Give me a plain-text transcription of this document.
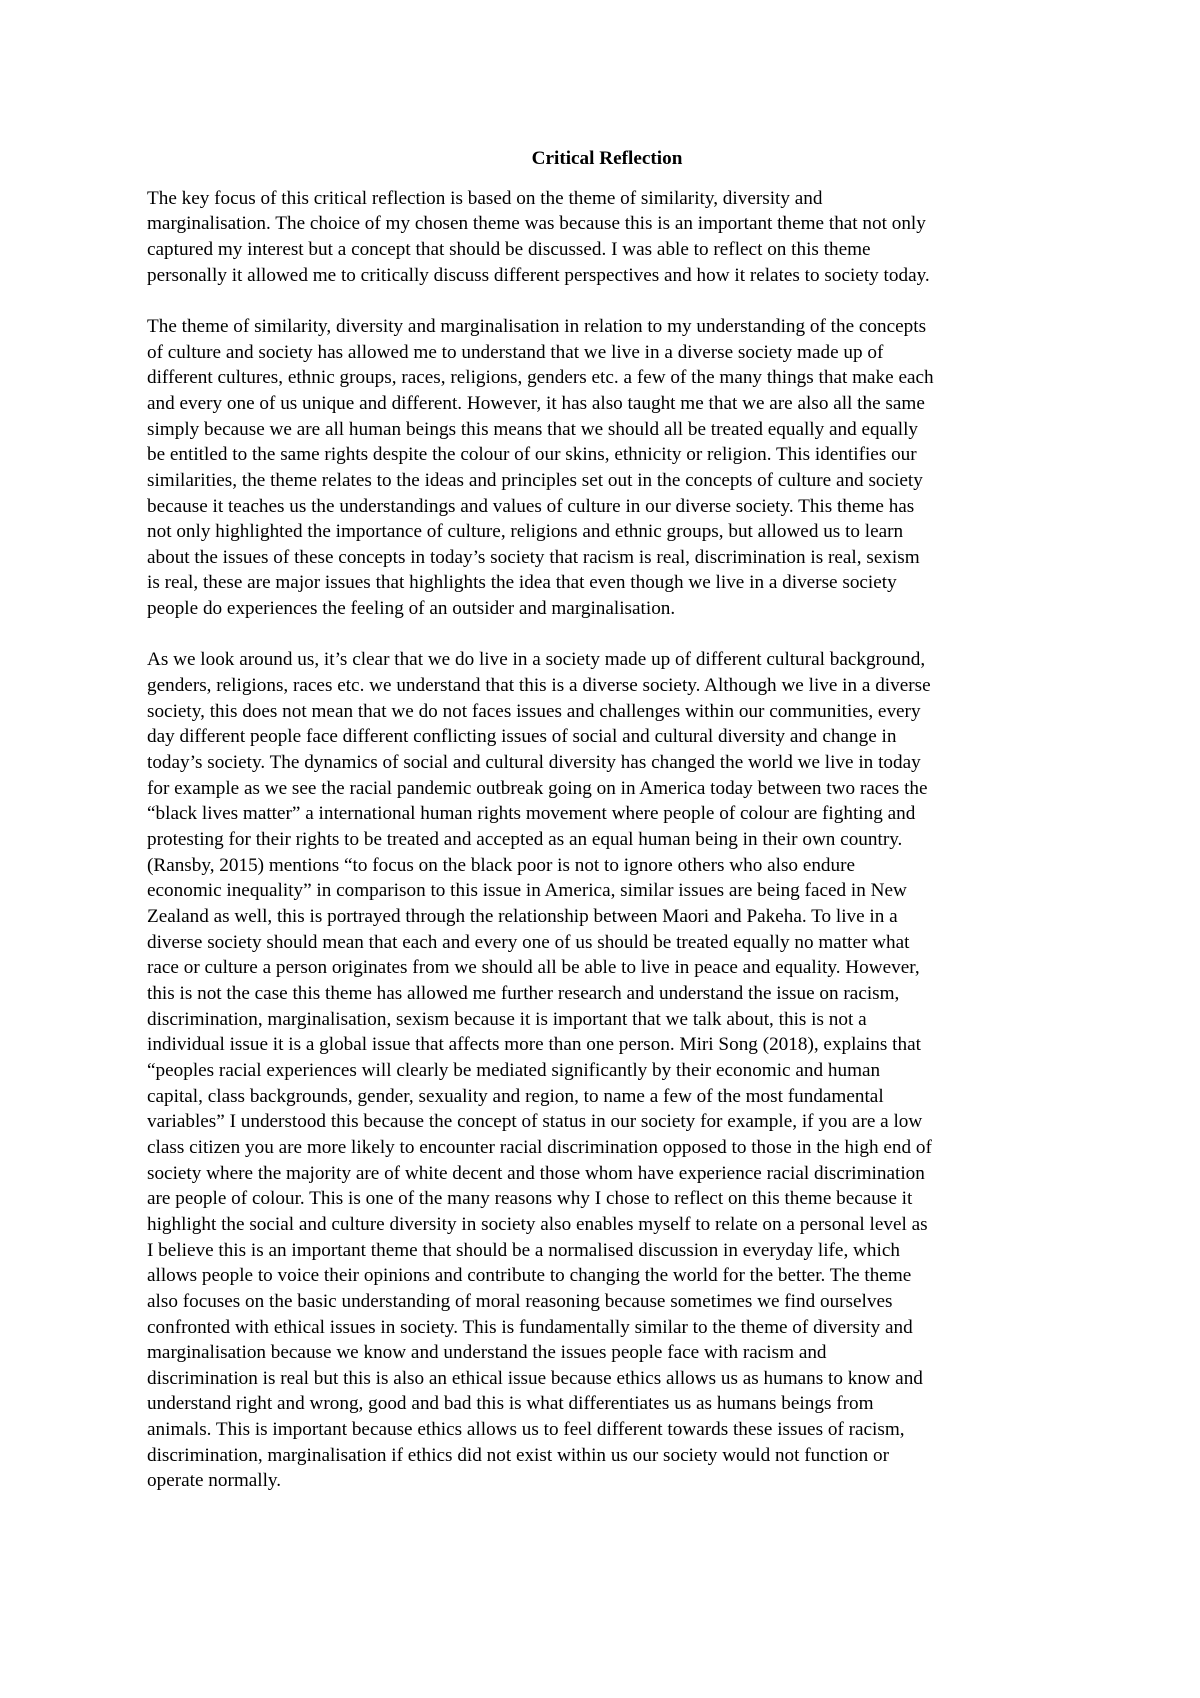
Critical Reflection
The key focus of this critical reflection is based on the theme of similarity, diversity and
marginalisation. The choice of my chosen theme was because this is an important theme that not only
captured my interest but a concept that should be discussed. I was able to reflect on this theme
personally it allowed me to critically discuss different perspectives and how it relates to society today.
The theme of similarity, diversity and marginalisation in relation to my understanding of the concepts
of culture and society has allowed me to understand that we live in a diverse society made up of
different cultures, ethnic groups, races, religions, genders etc. a few of the many things that make each
and every one of us unique and different. However, it has also taught me that we are also all the same
simply because we are all human beings this means that we should all be treated equally and equally
be entitled to the same rights despite the colour of our skins, ethnicity or religion. This identifies our
similarities, the theme relates to the ideas and principles set out in the concepts of culture and society
because it teaches us the understandings and values of culture in our diverse society. This theme has
not only highlighted the importance of culture, religions and ethnic groups, but allowed us to learn
about the issues of these concepts in today’s society that racism is real, discrimination is real, sexism
is real, these are major issues that highlights the idea that even though we live in a diverse society
people do experiences the feeling of an outsider and marginalisation.
As we look around us, it’s clear that we do live in a society made up of different cultural background,
genders, religions, races etc. we understand that this is a diverse society. Although we live in a diverse
society, this does not mean that we do not faces issues and challenges within our communities, every
day different people face different conflicting issues of social and cultural diversity and change in
today’s society. The dynamics of social and cultural diversity has changed the world we live in today
for example as we see the racial pandemic outbreak going on in America today between two races the
“black lives matter” a international human rights movement where people of colour are fighting and
protesting for their rights to be treated and accepted as an equal human being in their own country.
(Ransby, 2015) mentions “to focus on the black poor is not to ignore others who also endure
economic inequality” in comparison to this issue in America, similar issues are being faced in New
Zealand as well, this is portrayed through the relationship between Maori and Pakeha. To live in a
diverse society should mean that each and every one of us should be treated equally no matter what
race or culture a person originates from we should all be able to live in peace and equality. However,
this is not the case this theme has allowed me further research and understand the issue on racism,
discrimination, marginalisation, sexism because it is important that we talk about, this is not a
individual issue it is a global issue that affects more than one person. Miri Song (2018), explains that
“peoples racial experiences will clearly be mediated significantly by their economic and human
capital, class backgrounds, gender, sexuality and region, to name a few of the most fundamental
variables” I understood this because the concept of status in our society for example, if you are a low
class citizen you are more likely to encounter racial discrimination opposed to those in the high end of
society where the majority are of white decent and those whom have experience racial discrimination
are people of colour. This is one of the many reasons why I chose to reflect on this theme because it
highlight the social and culture diversity in society also enables myself to relate on a personal level as
I believe this is an important theme that should be a normalised discussion in everyday life, which
allows people to voice their opinions and contribute to changing the world for the better. The theme
also focuses on the basic understanding of moral reasoning because sometimes we find ourselves
confronted with ethical issues in society. This is fundamentally similar to the theme of diversity and
marginalisation because we know and understand the issues people face with racism and
discrimination is real but this is also an ethical issue because ethics allows us as humans to know and
understand right and wrong, good and bad this is what differentiates us as humans beings from
animals. This is important because ethics allows us to feel different towards these issues of racism,
discrimination, marginalisation if ethics did not exist within us our society would not function or
operate normally.
